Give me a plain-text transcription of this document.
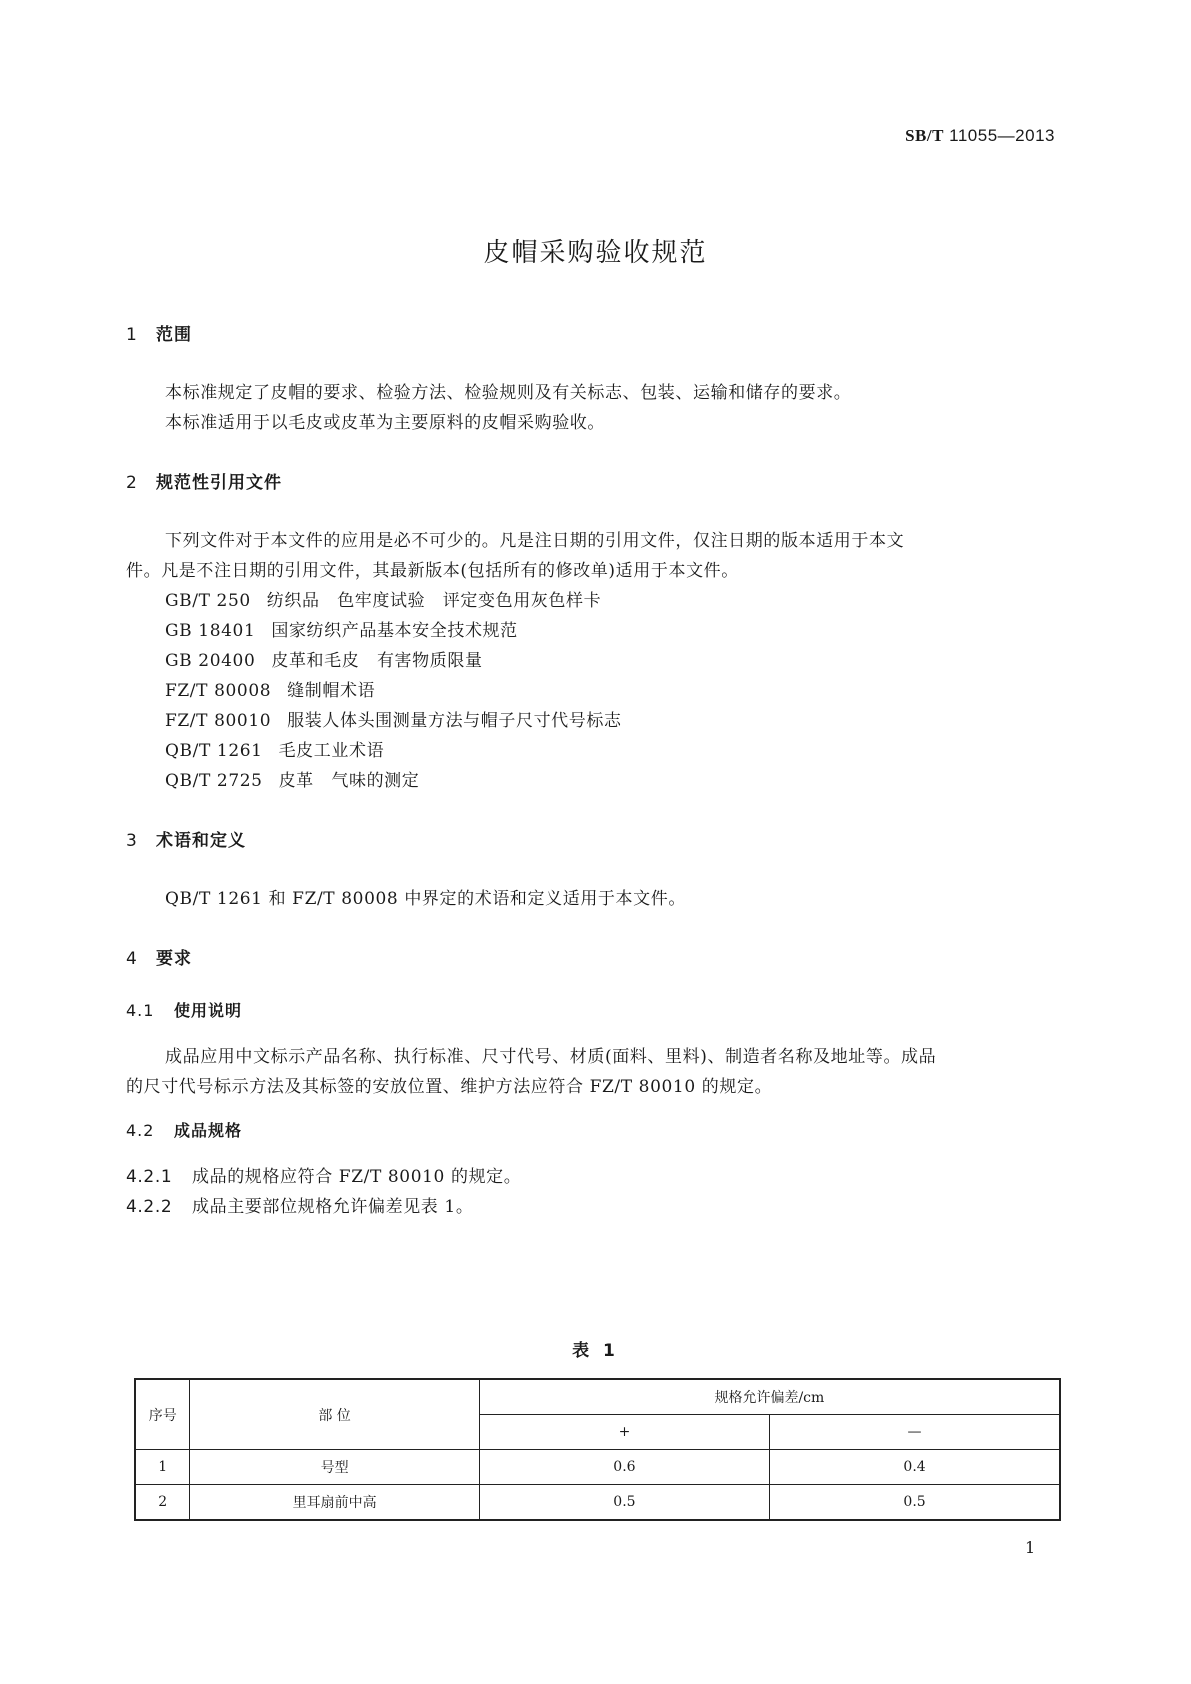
SB/T 11055—2013
皮帽采购验收规范
1 范围
本标准规定了皮帽的要求、检验方法、检验规则及有关标志、包装、运输和储存的要求。
本标准适用于以毛皮或皮革为主要原料的皮帽采购验收。
2 规范性引用文件
下列文件对于本文件的应用是必不可少的。凡是注日期的引用文件，仅注日期的版本适用于本文
件。凡是不注日期的引用文件，其最新版本(包括所有的修改单)适用于本文件。
GB/T 250 纺织品　色牢度试验　评定变色用灰色样卡
GB 18401 国家纺织产品基本安全技术规范
GB 20400 皮革和毛皮　有害物质限量
FZ/T 80008 缝制帽术语
FZ/T 80010 服装人体头围测量方法与帽子尺寸代号标志
QB/T 1261 毛皮工业术语
QB/T 2725 皮革　气味的测定
3 术语和定义
QB/T 1261 和 FZ/T 80008 中界定的术语和定义适用于本文件。
4 要求
4.1 使用说明
成品应用中文标示产品名称、执行标准、尺寸代号、材质(面料、里料)、制造者名称及地址等。成品
的尺寸代号标示方法及其标签的安放位置、维护方法应符合 FZ/T 80010 的规定。
4.2 成品规格
4.2.1 成品的规格应符合 FZ/T 80010 的规定。
4.2.2 成品主要部位规格允许偏差见表 1。
表 1
序号	部 位	规格允许偏差/cm	
		+	—
1	号型	0.6	0.4
2	里耳扇前中高	0.5	0.5
1
